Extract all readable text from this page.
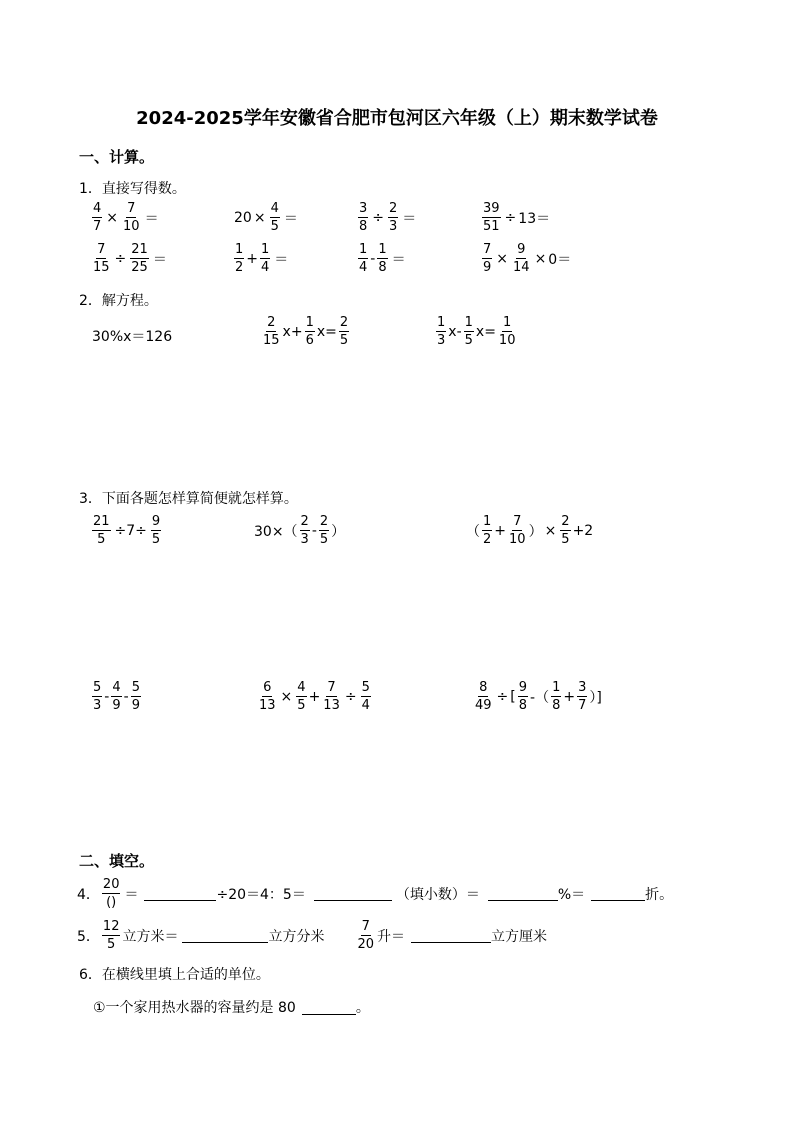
2024-2025学年安徽省合肥市包河区六年级（上）期末数学试卷
一、计算。
1．直接写得数。
$\frac{4}{7} \times \frac{7}{10}$ ＝	$20 \times \frac{4}{5}$ ＝	$\frac{3}{8} \div \frac{2}{3}$ ＝	$\frac{39}{51} \div 13=$
$\frac{7}{15} \div \frac{21}{25}$ ＝	$\frac{1}{2} + \frac{1}{4}$ ＝	$\frac{1}{4} - \frac{1}{8}$ ＝	$\frac{7}{9} \times \frac{9}{14} \times 0=$
2．解方程。
30%x＝126	$\frac{2}{15} x+ \frac{1}{6} x= \frac{2}{5}$	$\frac{1}{3} x- \frac{1}{5} x= \frac{1}{10}$
3．下面各题怎样算简便就怎样算。
$\frac{21}{5} \div 7\div \frac{9}{5}$	$30\times( \frac{2}{3} - \frac{2}{5}$ ）	（ $\frac{1}{2} + \frac{7}{10}$ ） × $\frac{2}{5} +2$
$\frac{5}{3} - \frac{4}{9} - \frac{5}{9}$	$\frac{6}{13} \times \frac{4}{5} + \frac{7}{13} \div \frac{5}{4}$	$\frac{8}{49}$ ÷ [ $\frac{9}{8}$ -（ $\frac{1}{8} + \frac{3}{7}$ ）]
二、填空。
4． $\frac{20}{()}$ ＝	÷20＝4：5＝	（填小数）＝	%＝	折。
5． $\frac{12}{5}$ 立方米＝	立方分米 $\frac{7}{20}$ 升＝	立方厘米
6．在横线里填上合适的单位。
①一个家用热水器的容量约是 80	。
